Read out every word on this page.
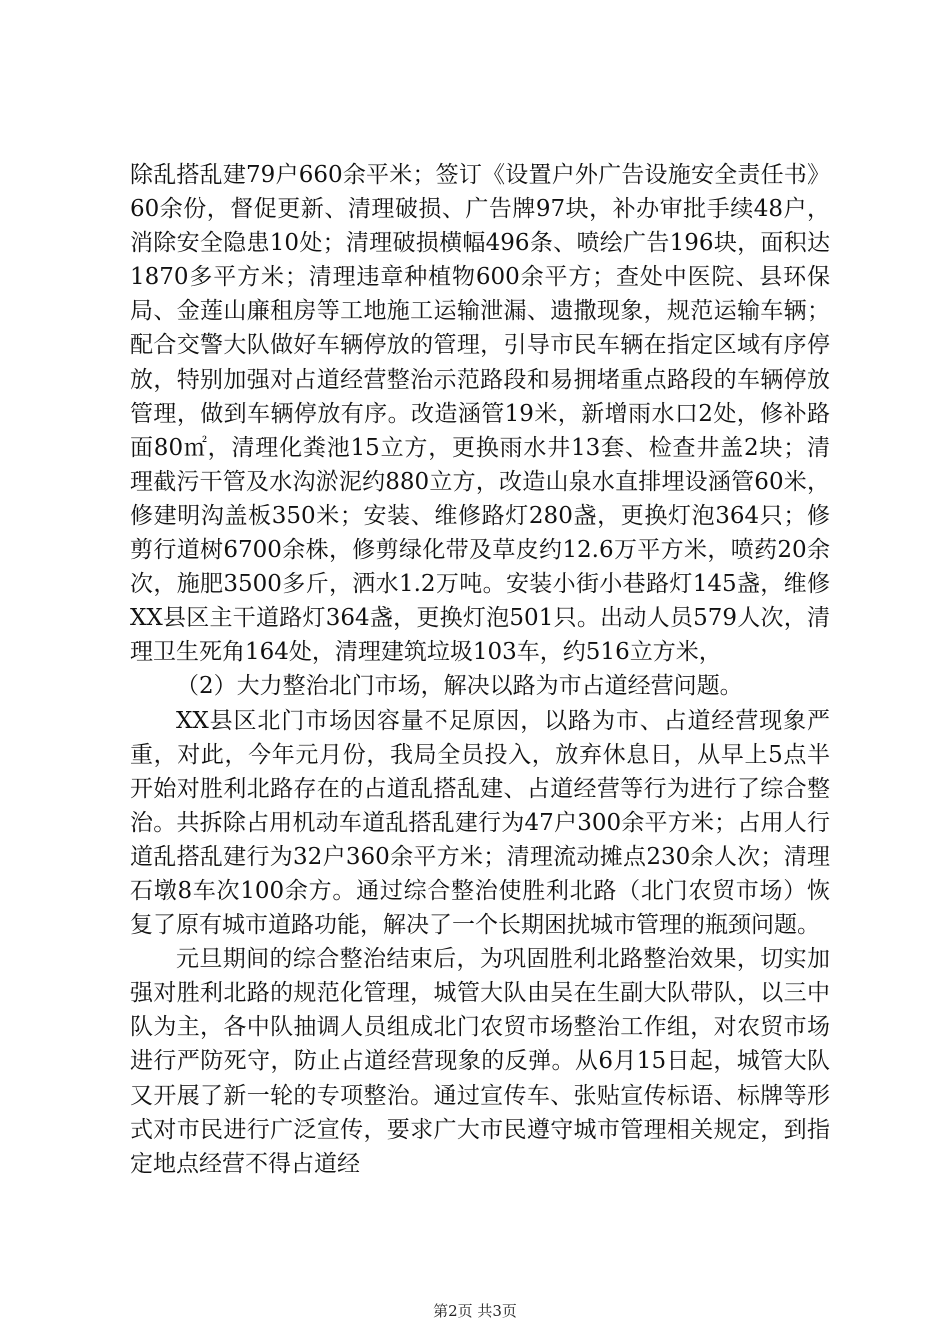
除乱搭乱建79户660余平米；签订《设置户外广告设施安全责任书》60余份，督促更新、清理破损、广告牌97块，补办审批手续48户，消除安全隐患10处；清理破损横幅496条、喷绘广告196块，面积达1870多平方米；清理违章种植物600余平方；查处中医院、县环保局、金莲山廉租房等工地施工运输泄漏、遗撒现象，规范运输车辆；配合交警大队做好车辆停放的管理，引导市民车辆在指定区域有序停放，特别加强对占道经营整治示范路段和易拥堵重点路段的车辆停放管理，做到车辆停放有序。改造涵管19米，新增雨水口2处，修补路面80㎡，清理化粪池15立方，更换雨水井13套、检查井盖2块；清理截污干管及水沟淤泥约880立方，改造山泉水直排埋设涵管60米，修建明沟盖板350米；安装、维修路灯280盏，更换灯泡364只；修剪行道树6700余株，修剪绿化带及草皮约12.6万平方米，喷药20余次，施肥3500多斤，洒水1.2万吨。安装小街小巷路灯145盏，维修XX县区主干道路灯364盏，更换灯泡501只。出动人员579人次，清理卫生死角164处，清理建筑垃圾103车，约516立方米，

（2）大力整治北门市场，解决以路为市占道经营问题。

XX县区北门市场因容量不足原因，以路为市、占道经营现象严重，对此，今年元月份，我局全员投入，放弃休息日，从早上5点半开始对胜利北路存在的占道乱搭乱建、占道经营等行为进行了综合整治。共拆除占用机动车道乱搭乱建行为47户300余平方米；占用人行道乱搭乱建行为32户360余平方米；清理流动摊点230余人次；清理石墩8车次100余方。通过综合整治使胜利北路（北门农贸市场）恢复了原有城市道路功能，解决了一个长期困扰城市管理的瓶颈问题。

元旦期间的综合整治结束后，为巩固胜利北路整治效果，切实加强对胜利北路的规范化管理，城管大队由吴在生副大队带队，以三中队为主，各中队抽调人员组成北门农贸市场整治工作组，对农贸市场进行严防死守，防止占道经营现象的反弹。从6月15日起，城管大队又开展了新一轮的专项整治。通过宣传车、张贴宣传标语、标牌等形式对市民进行广泛宣传，要求广大市民遵守城市管理相关规定，到指定地点经营不得占道经

第2页 共3页
